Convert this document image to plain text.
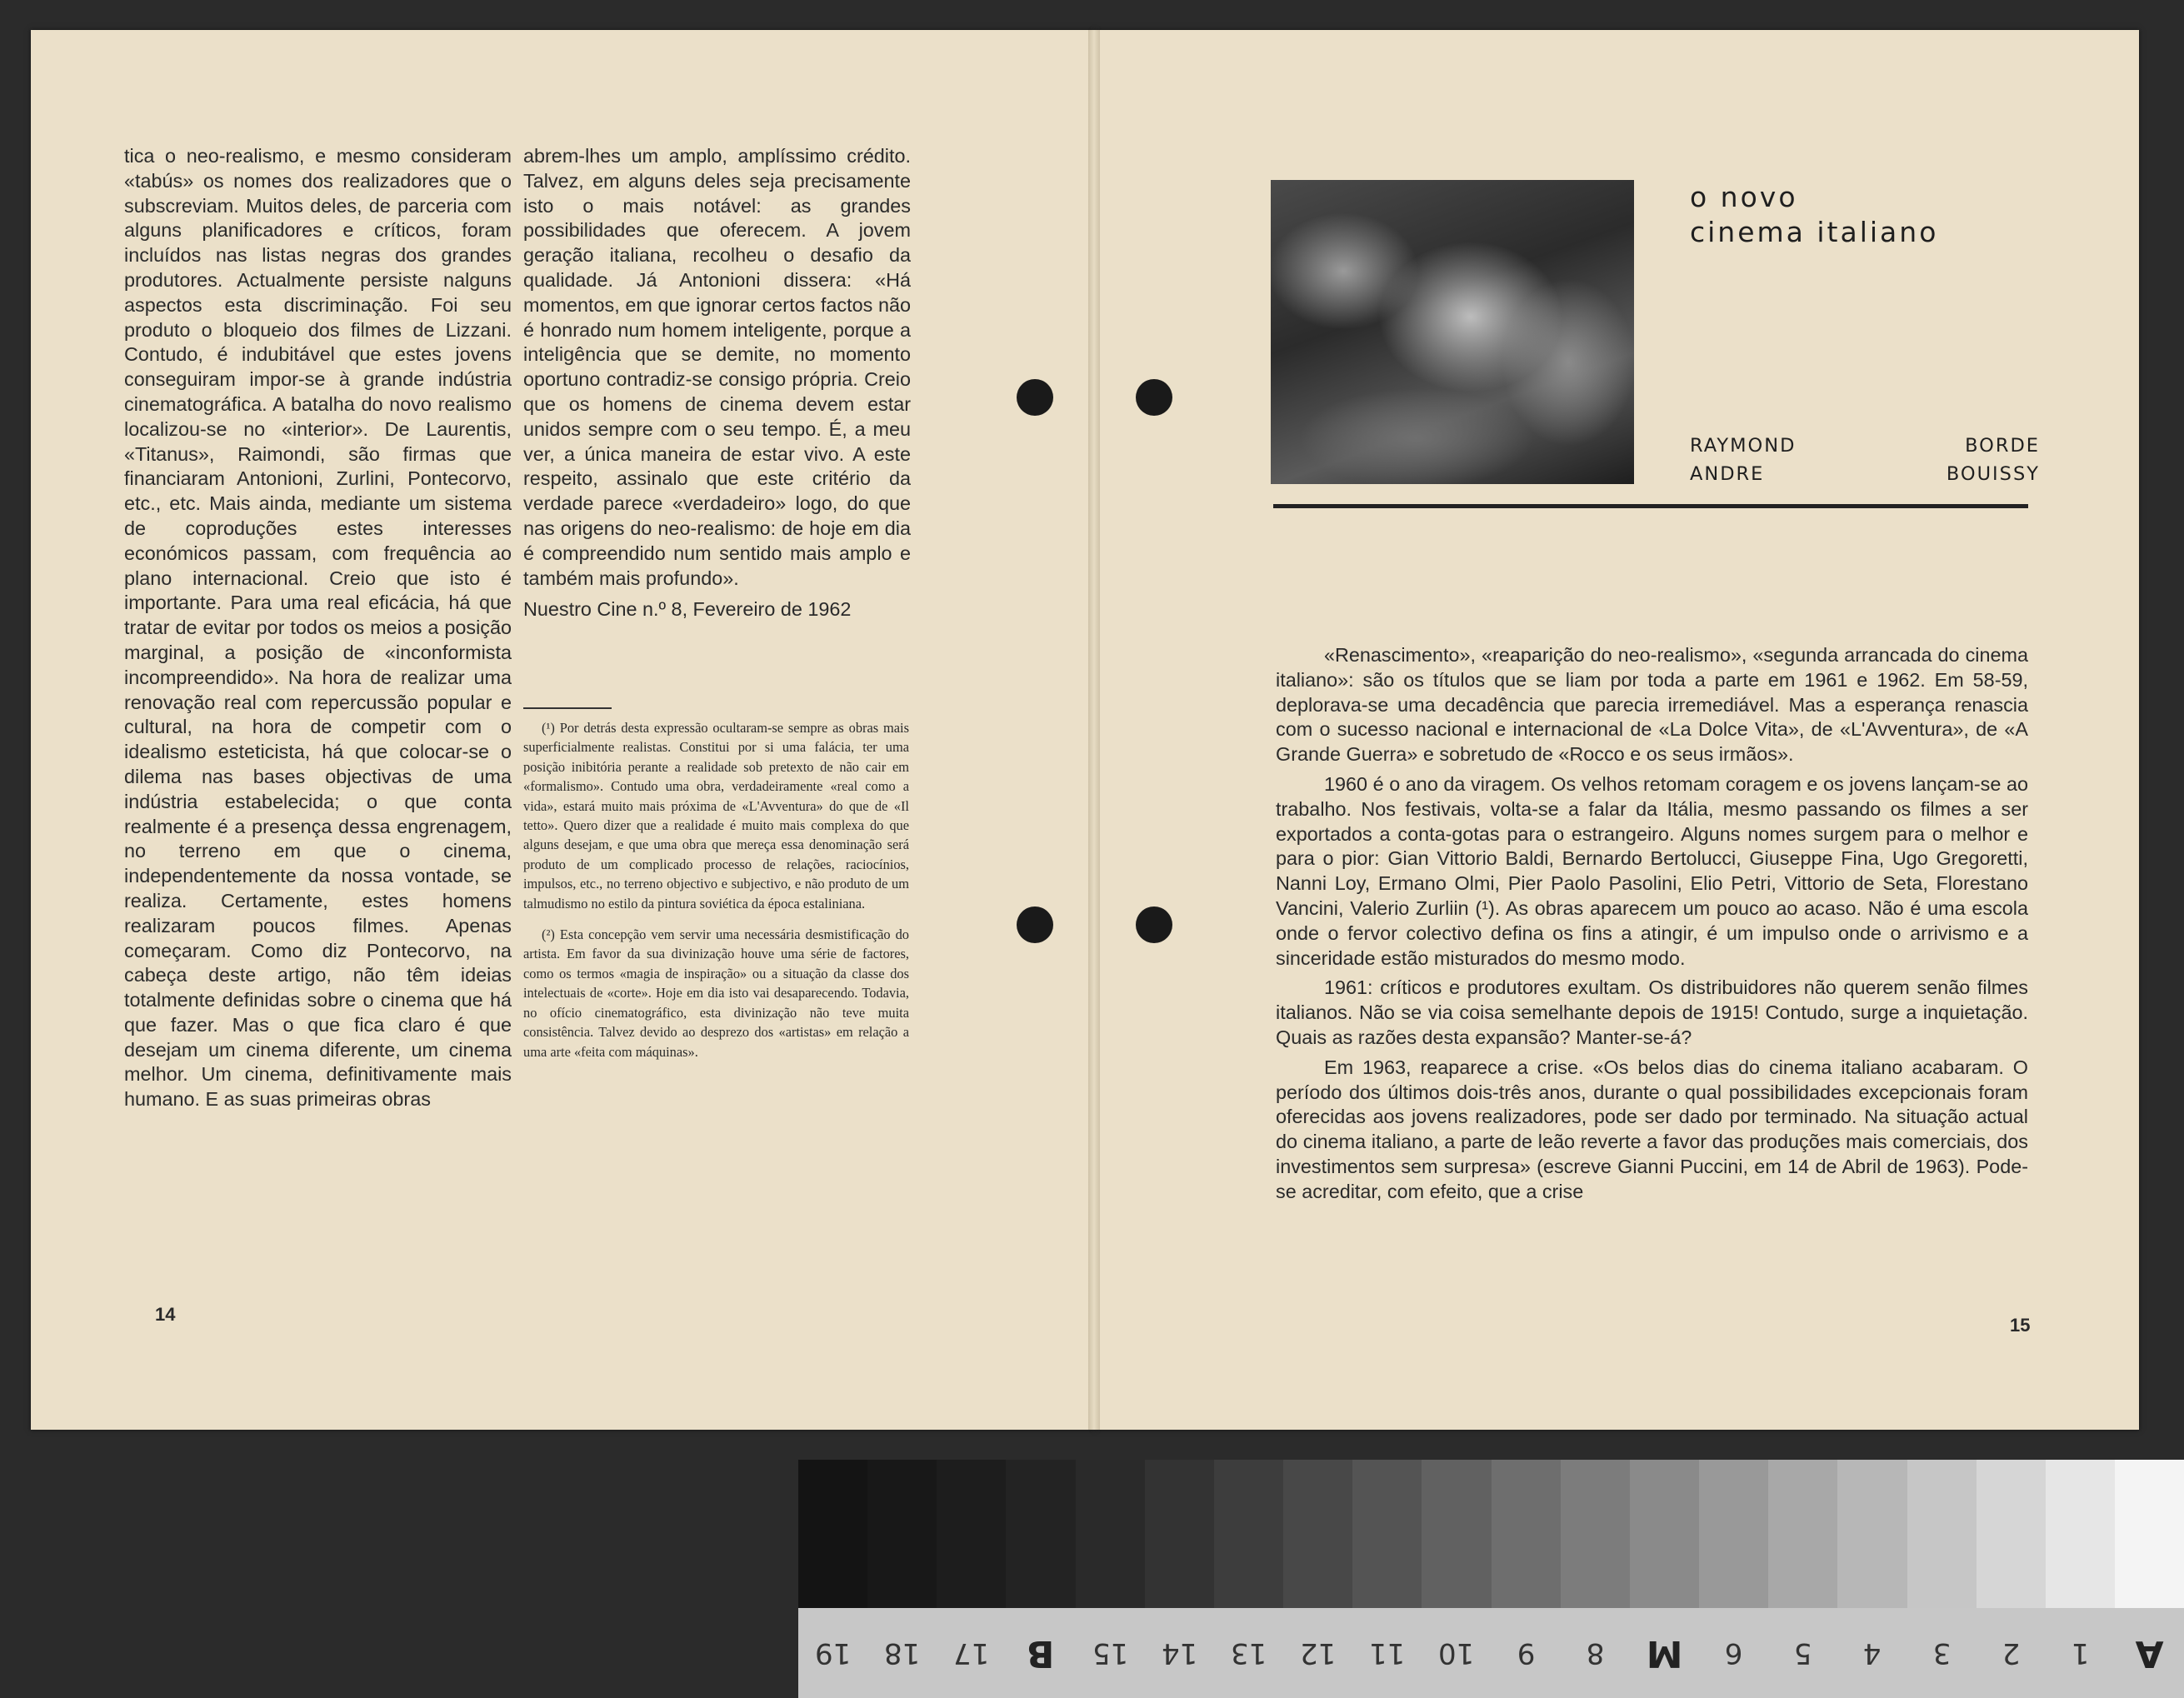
tica o neo-realismo, e mesmo consideram «tabús» os nomes dos realizadores que o subscreviam. Muitos deles, de parceria com alguns planificadores e críticos, foram incluídos nas listas negras dos grandes produtores. Actualmente persiste nalguns aspectos esta discriminação. Foi seu produto o bloqueio dos filmes de Lizzani. Contudo, é indubitável que estes jovens conseguiram impor-se à grande indústria cinematográfica. A batalha do novo realismo localizou-se no «interior». De Laurentis, «Titanus», Raimondi, são firmas que financiaram Antonioni, Zurlini, Pontecorvo, etc., etc. Mais ainda, mediante um sistema de coproduções estes interesses económicos passam, com frequência ao plano internacional. Creio que isto é importante. Para uma real eficácia, há que tratar de evitar por todos os meios a posição marginal, a posição de «inconformista incompreendido». Na hora de realizar uma renovação real com repercussão popular e cultural, na hora de competir com o idealismo esteticista, há que colocar-se o dilema nas bases objectivas de uma indústria estabelecida; o que conta realmente é a presença dessa engrenagem, no terreno em que o cinema, independentemente da nossa vontade, se realiza. Certamente, estes homens realizaram poucos filmes. Apenas começaram. Como diz Pontecorvo, na cabeça deste artigo, não têm ideias totalmente definidas sobre o cinema que há que fazer. Mas o que fica claro é que desejam um cinema diferente, um cinema melhor. Um cinema, definitivamente mais humano. E as suas primeiras obras

abrem-lhes um amplo, amplíssimo crédito. Talvez, em alguns deles seja precisamente isto o mais notável: as grandes possibilidades que oferecem. A jovem geração italiana, recolheu o desafio da qualidade. Já Antonioni dissera: «Há momentos, em que ignorar certos factos não é honrado num homem inteligente, porque a inteligência que se demite, no momento oportuno contradiz-se consigo própria. Creio que os homens de cinema devem estar unidos sempre com o seu tempo. É, a meu ver, a única maneira de estar vivo. A este respeito, assinalo que este critério da verdade parece «verdadeiro» logo, do que nas origens do neo-realismo: de hoje em dia é compreendido num sentido mais amplo e também mais profundo».

Nuestro Cine n.º 8, Fevereiro de 1962

(¹) Por detrás desta expressão ocultaram-se sempre as obras mais superficialmente realistas. Constitui por si uma falácia, ter uma posição inibitória perante a realidade sob pretexto de não cair em «formalismo». Contudo uma obra, verdadeiramente «real como a vida», estará muito mais próxima de «L'Avventura» do que de «Il tetto». Quero dizer que a realidade é muito mais complexa do que alguns desejam, e que uma obra que mereça essa denominação será produto de um complicado processo de relações, raciocínios, impulsos, etc., no terreno objectivo e subjectivo, e não produto de um talmudismo no estilo da pintura soviética da época estaliniana.

(²) Esta concepção vem servir uma necessária desmistificação do artista. Em favor da sua divinização houve uma série de factores, como os termos «magia de inspiração» ou a situação da classe dos intelectuais de «corte». Hoje em dia isto vai desaparecendo. Todavia, no ofício cinematográfico, esta divinização não teve muita consistência. Talvez devido ao desprezo dos «artistas» em relação a uma arte «feita com máquinas».

14
o novo
cinema italiano
RAYMOND BORDE
ANDRE BOUISSY

«Renascimento», «reaparição do neo-realismo», «segunda arrancada do cinema italiano»: são os títulos que se liam por toda a parte em 1961 e 1962. Em 58-59, deplorava-se uma decadência que parecia irremediável. Mas a esperança renascia com o sucesso nacional e internacional de «La Dolce Vita», de «L'Avventura», de «A Grande Guerra» e sobretudo de «Rocco e os seus irmãos».

1960 é o ano da viragem. Os velhos retomam coragem e os jovens lançam-se ao trabalho. Nos festivais, volta-se a falar da Itália, mesmo passando os filmes a ser exportados a conta-gotas para o estrangeiro. Alguns nomes surgem para o melhor e para o pior: Gian Vittorio Baldi, Bernardo Bertolucci, Giuseppe Fina, Ugo Gregoretti, Nanni Loy, Ermano Olmi, Pier Paolo Pasolini, Elio Petri, Vittorio de Seta, Florestano Vancini, Valerio Zurliin (¹). As obras aparecem um pouco ao acaso. Não é uma escola onde o fervor colectivo defina os fins a atingir, é um impulso onde o arrivismo e a sinceridade estão misturados do mesmo modo.

1961: críticos e produtores exultam. Os distribuidores não querem senão filmes italianos. Não se via coisa semelhante depois de 1915! Contudo, surge a inquietação. Quais as razões desta expansão? Manter-se-á?

Em 1963, reaparece a crise. «Os belos dias do cinema italiano acabaram. O período dos últimos dois-três anos, durante o qual possibilidades excepcionais foram oferecidas aos jovens realizadores, pode ser dado por terminado. Na situação actual do cinema italiano, a parte de leão reverte a favor das produções mais comerciais, dos investimentos sem surpresa» (escreve Gianni Puccini, em 14 de Abril de 1963). Pode-se acreditar, com efeito, que a crise

15
19	18	17	B	15	14	13	12	11	10	9	8	M	6	5	4	3	2	1	A
